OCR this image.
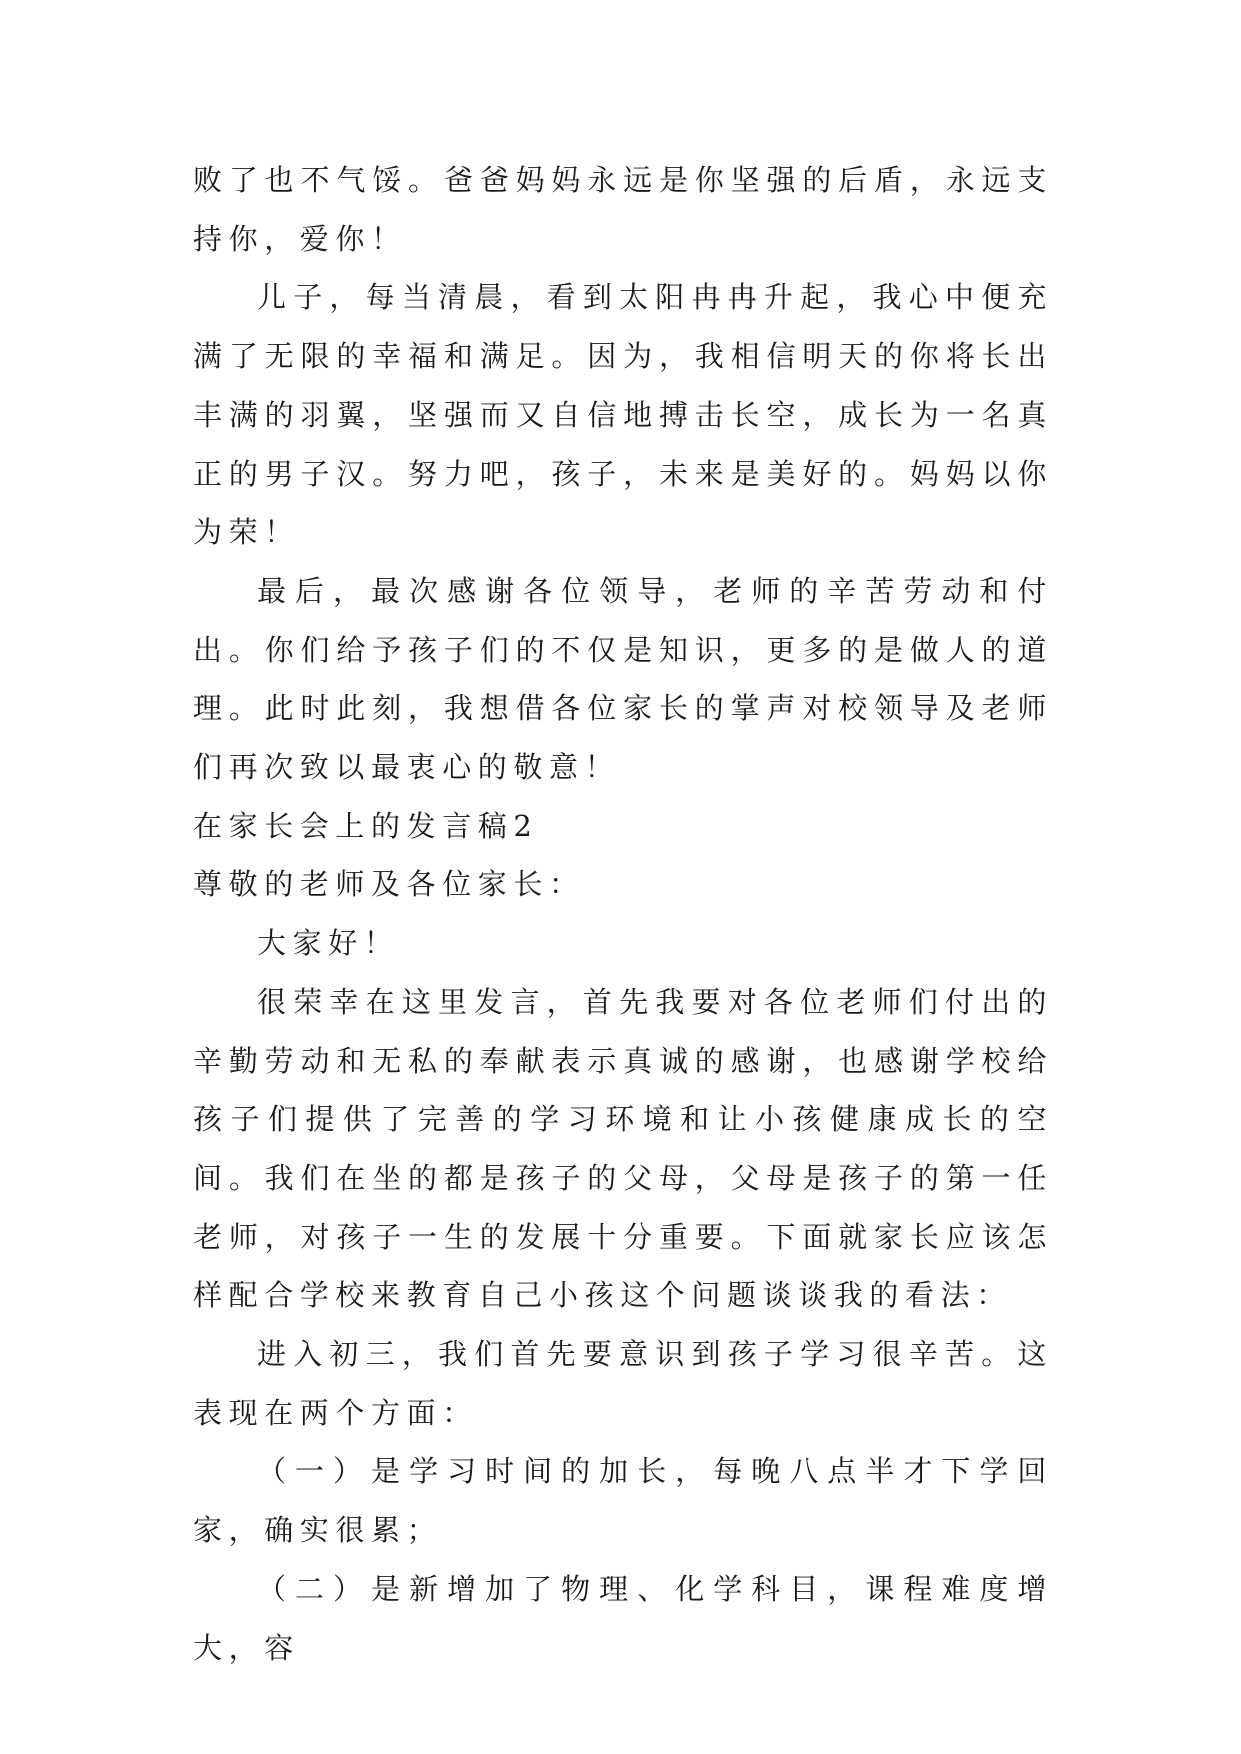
败了也不气馁。爸爸妈妈永远是你坚强的后盾，永远支持你，爱你！

儿子，每当清晨，看到太阳冉冉升起，我心中便充满了无限的幸福和满足。因为，我相信明天的你将长出丰满的羽翼，坚强而又自信地搏击长空，成长为一名真正的男子汉。努力吧，孩子，未来是美好的。妈妈以你为荣！

最后，最次感谢各位领导，老师的辛苦劳动和付出。你们给予孩子们的不仅是知识，更多的是做人的道理。此时此刻，我想借各位家长的掌声对校领导及老师们再次致以最衷心的敬意！

在家长会上的发言稿2

尊敬的老师及各位家长：

大家好！

很荣幸在这里发言，首先我要对各位老师们付出的辛勤劳动和无私的奉献表示真诚的感谢，也感谢学校给孩子们提供了完善的学习环境和让小孩健康成长的空间。我们在坐的都是孩子的父母，父母是孩子的第一任老师，对孩子一生的发展十分重要。下面就家长应该怎样配合学校来教育自己小孩这个问题谈谈我的看法：

进入初三，我们首先要意识到孩子学习很辛苦。这表现在两个方面：

（一）是学习时间的加长，每晚八点半才下学回家，确实很累；

（二）是新增加了物理、化学科目，课程难度增大，容
